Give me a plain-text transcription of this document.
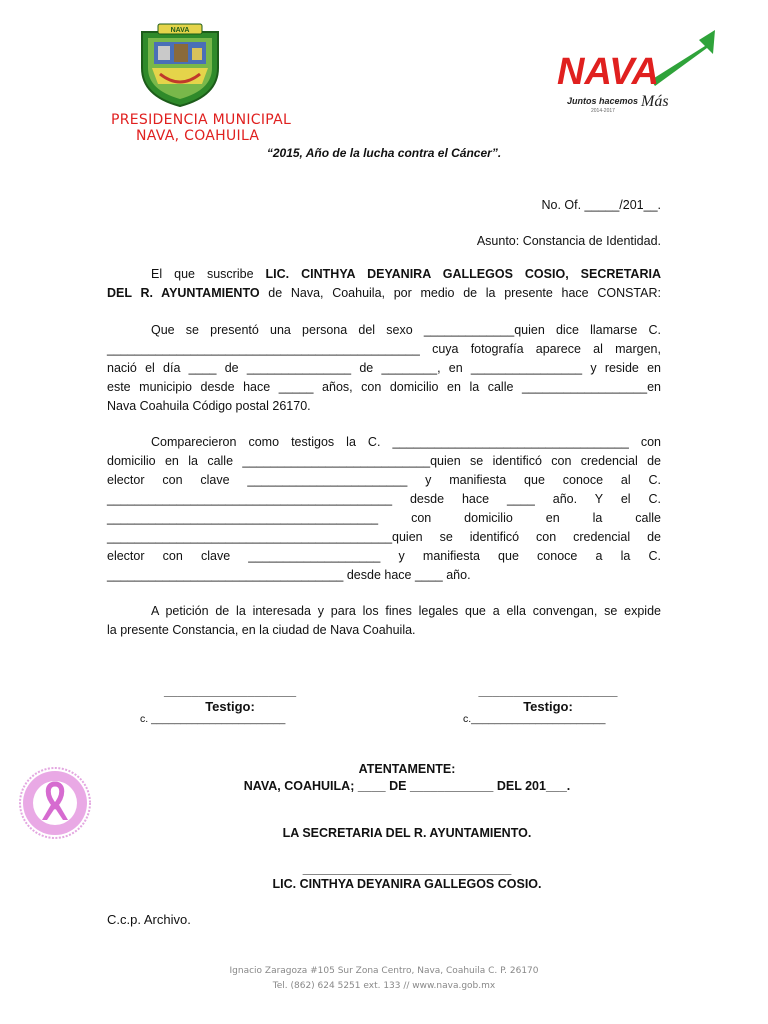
NAVA
PRESIDENCIA MUNICIPAL
NAVA, COAHUILA
“2015, Año de la lucha contra el Cáncer”.
NAVA
Juntos hacemos Más
2014-2017
No. Of. _____/201__.
Asunto: Constancia de Identidad.
El que suscribe LIC. CINTHYA DEYANIRA GALLEGOS COSIO, SECRETARIA
DEL R. AYUNTAMIENTO de Nava, Coahuila, por medio de la presente hace CONSTAR:
Que se presentó una persona del sexo _____________quien dice llamarse C.
_____________________________________________ cuya fotografía aparece al margen,
nació el día ____ de _______________ de ________, en ________________ y reside en
este municipio desde hace _____ años, con domicilio en la calle __________________en
Nava Coahuila Código postal 26170.
Comparecieron como testigos la C. __________________________________ con
domicilio en la calle ___________________________quien se identificó con credencial de
elector con clave _______________________ y manifiesta que conoce al C.
_________________________________________ desde hace ____ año. Y el C.
_______________________________________ con domicilio en la calle
_________________________________________quien se identificó con credencial de
elector con clave ___________________ y manifiesta que conoce a la C.
__________________________________ desde hace ____ año.
A petición de la interesada y para los fines legales que a ella convengan, se expide
la presente Constancia, en la ciudad de Nava Coahuila.
___________________
Testigo:
c. _______________________
____________________
Testigo:
c._______________________
ATENTAMENTE:
NAVA, COAHUILA; ____ DE ____________ DEL 201___.
LA SECRETARIA DEL R. AYUNTAMIENTO.
______________________________
LIC. CINTHYA DEYANIRA GALLEGOS COSIO.
C.c.p. Archivo.
Ignacio Zaragoza #105 Sur Zona Centro, Nava, Coahuila C. P. 26170
Tel. (862) 624 5251 ext. 133 // www.nava.gob.mx
